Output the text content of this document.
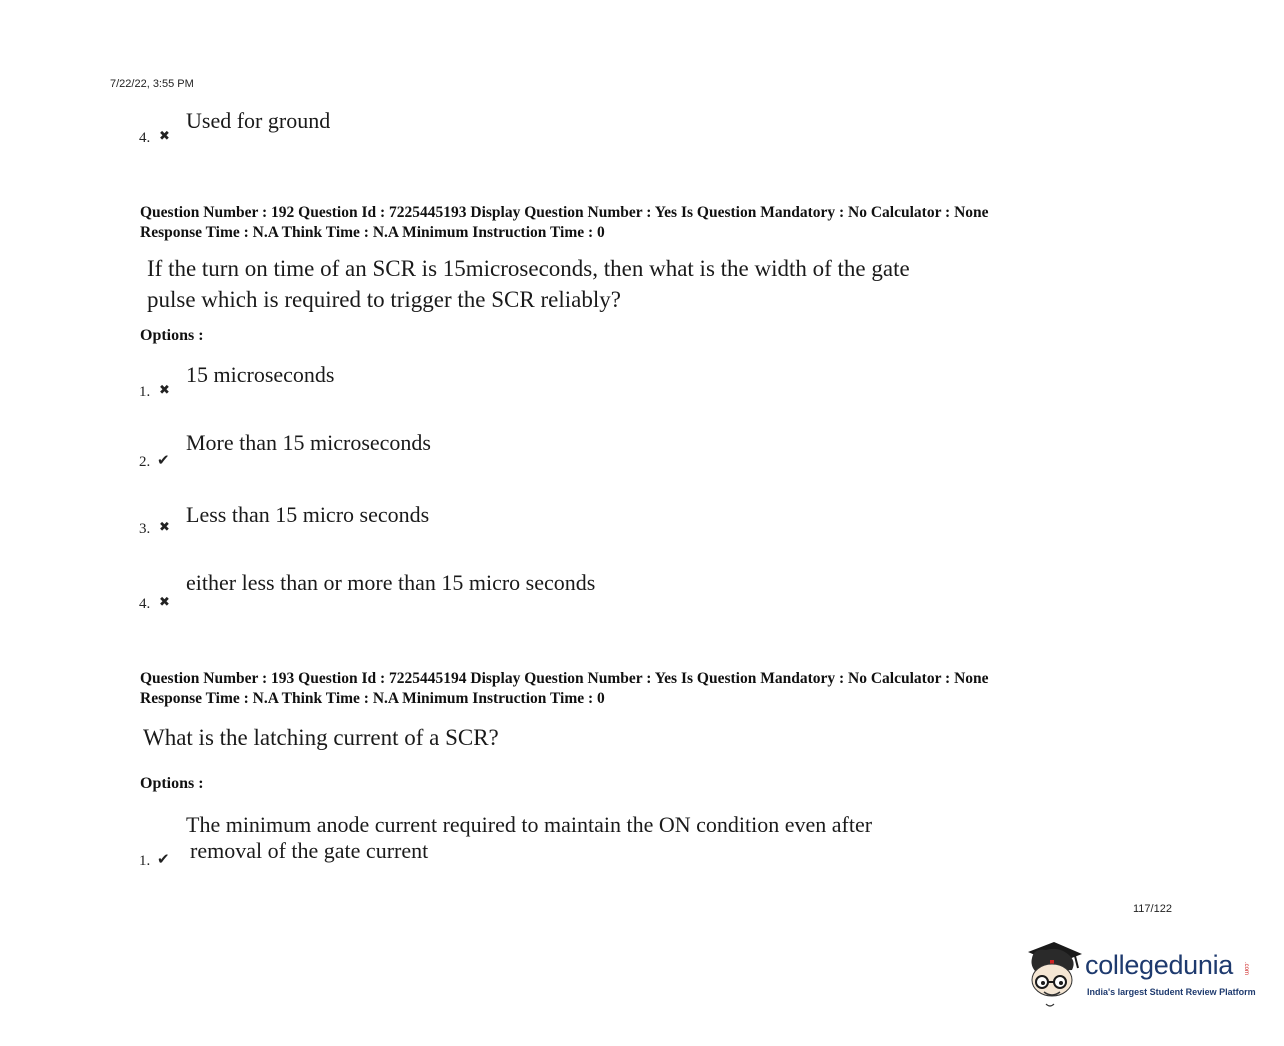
7/22/22, 3:55 PM
4.
✖
Used for ground
Question Number : 192 Question Id : 7225445193 Display Question Number : Yes Is Question Mandatory : No Calculator : None
Response Time : N.A Think Time : N.A Minimum Instruction Time : 0
If the turn on time of an SCR is 15microseconds, then what is the width of the gate
pulse which is required to trigger the SCR reliably?
Options :
1.
✖
15 microseconds
2.
✔
More than 15 microseconds
3.
✖
Less than 15 micro seconds
4.
✖
either less than or more than 15 micro seconds
Question Number : 193 Question Id : 7225445194 Display Question Number : Yes Is Question Mandatory : No Calculator : None
Response Time : N.A Think Time : N.A Minimum Instruction Time : 0
What is the latching current of a SCR?
Options :
1.
✔
The minimum anode current required to maintain the ON condition even after
removal of the gate current
117/122
collegedunia .com
India's largest Student Review Platform
